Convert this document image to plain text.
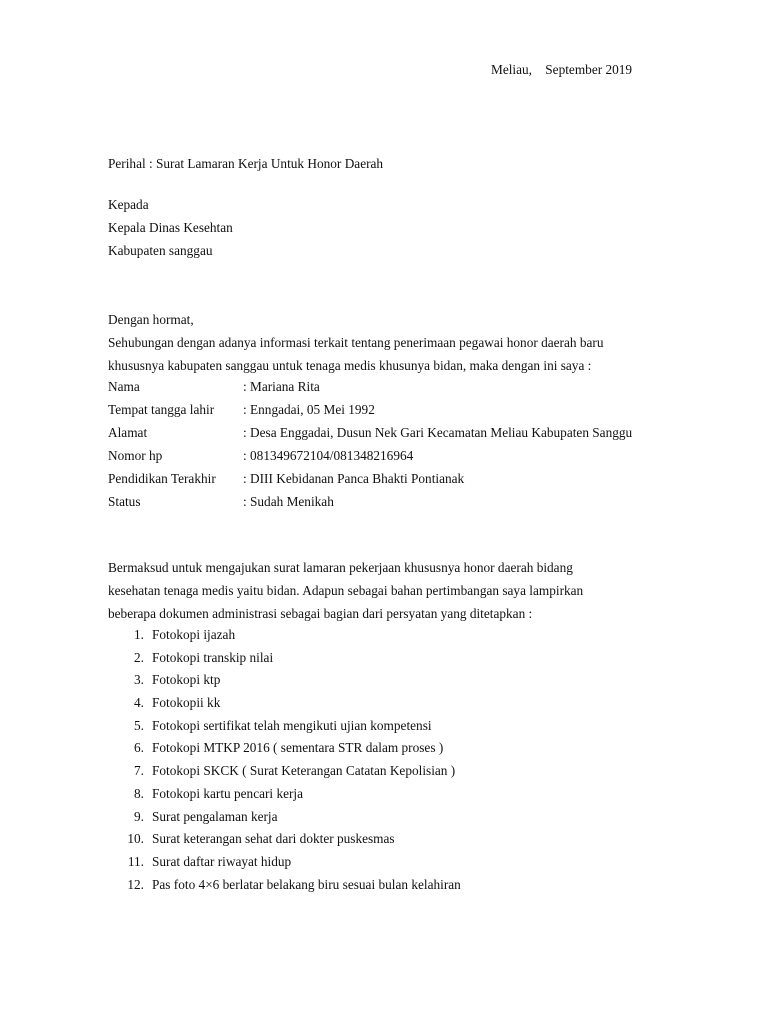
Meliau,    September 2019
Perihal : Surat Lamaran Kerja Untuk Honor Daerah
Kepada
Kepala Dinas Kesehtan
Kabupaten sanggau
Dengan hormat,
Sehubungan dengan adanya informasi terkait tentang penerimaan pegawai honor daerah baru
khususnya kabupaten sanggau untuk tenaga medis khusunya bidan, maka dengan ini saya :
Nama	: Mariana Rita
Tempat tangga lahir	: Enngadai, 05 Mei 1992
Alamat	: Desa Enggadai, Dusun Nek Gari Kecamatan Meliau Kabupaten Sanggu
Nomor hp	: 081349672104/081348216964
Pendidikan Terakhir	: DIII Kebidanan Panca Bhakti Pontianak
Status	: Sudah Menikah
Bermaksud untuk mengajukan surat lamaran pekerjaan khususnya honor daerah bidang
kesehatan tenaga medis yaitu bidan. Adapun sebagai bahan pertimbangan saya lampirkan
beberapa dokumen administrasi sebagai bagian dari persyatan yang ditetapkan :
1. Fotokopi ijazah
2. Fotokopi transkip nilai
3. Fotokopi ktp
4. Fotokopii kk
5. Fotokopi sertifikat telah mengikuti ujian kompetensi
6. Fotokopi MTKP 2016 ( sementara STR dalam proses )
7. Fotokopi SKCK ( Surat Keterangan Catatan Kepolisian )
8. Fotokopi kartu pencari kerja
9. Surat pengalaman kerja
10. Surat keterangan sehat dari dokter puskesmas
11. Surat daftar riwayat hidup
12. Pas foto 4×6 berlatar belakang biru sesuai bulan kelahiran
